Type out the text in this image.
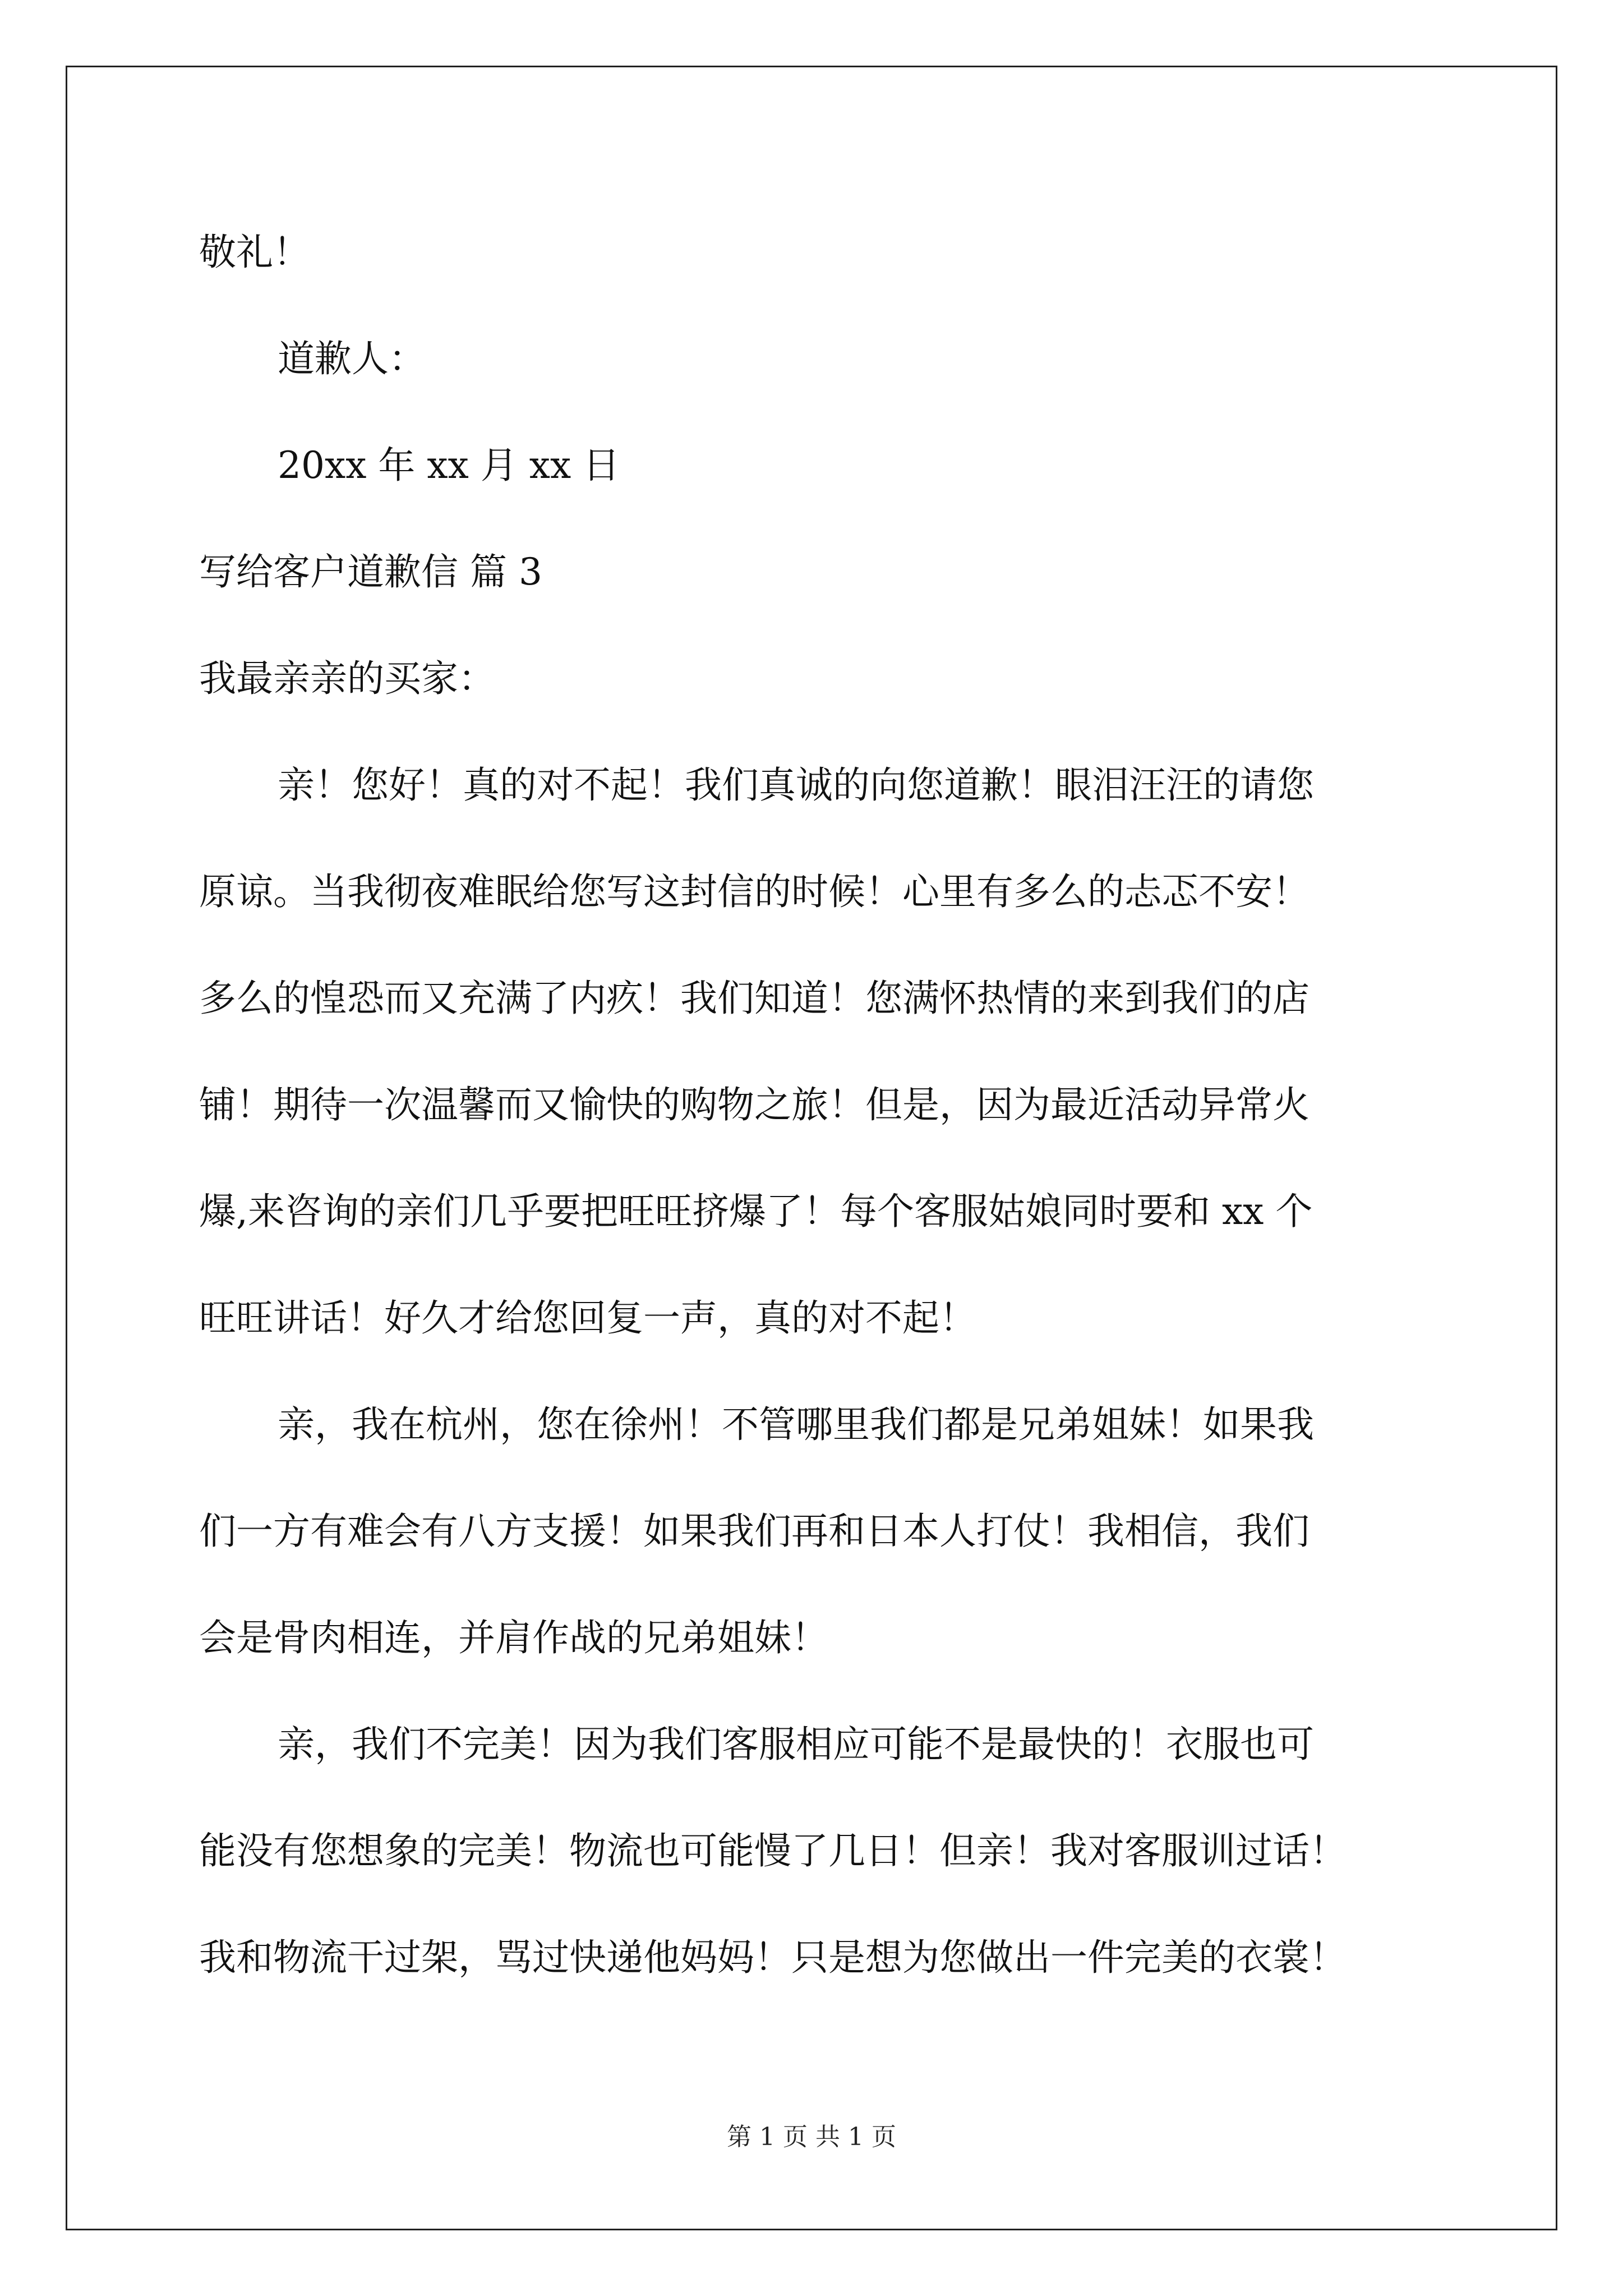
敬礼！
道歉人：
20xx 年 xx 月 xx 日
写给客户道歉信 篇 3
我最亲亲的买家：
亲！您好！真的对不起！我们真诚的向您道歉！眼泪汪汪的请您
原谅。当我彻夜难眠给您写这封信的时候！心里有多么的忐忑不安！
多么的惶恐而又充满了内疚！我们知道！您满怀热情的来到我们的店
铺！期待一次温馨而又愉快的购物之旅！但是，因为最近活动异常火
爆,来咨询的亲们几乎要把旺旺挤爆了！每个客服姑娘同时要和 xx 个
旺旺讲话！好久才给您回复一声，真的对不起！
亲，我在杭州，您在徐州！不管哪里我们都是兄弟姐妹！如果我
们一方有难会有八方支援！如果我们再和日本人打仗！我相信，我们
会是骨肉相连，并肩作战的兄弟姐妹！
亲，我们不完美！因为我们客服相应可能不是最快的！衣服也可
能没有您想象的完美！物流也可能慢了几日！但亲！我对客服训过话！
我和物流干过架，骂过快递他妈妈！只是想为您做出一件完美的衣裳！
第 1 页 共 1 页
